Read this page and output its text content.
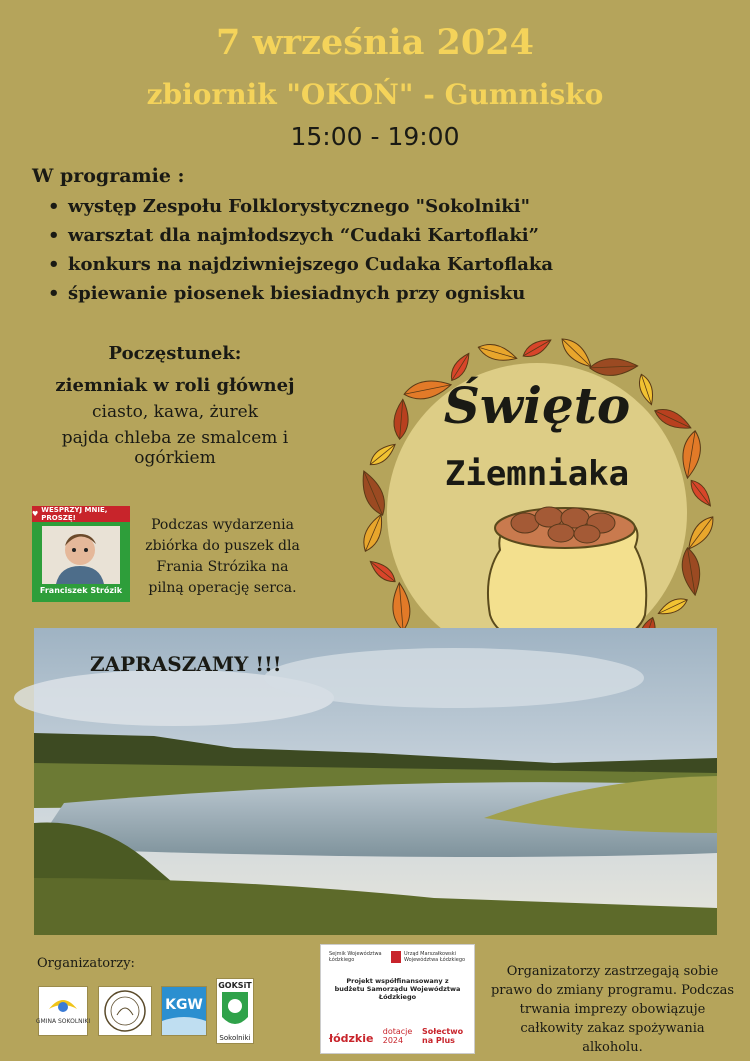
7 września 2024
zbiornik "OKOŃ" - Gumnisko
15:00 - 19:00
W programie :
• występ Zespołu Folklorystycznego "Sokolniki"
• warsztat dla najmłodszych “Cudaki Kartoflaki”
• konkurs na najdziwniejszego Cudaka Kartoflaka
• śpiewanie piosenek biesiadnych przy ognisku
Poczęstunek:
ziemniak w roli głównej
ciasto, kawa, żurek
pajda chleba ze smalcem i ogórkiem
Święto
Ziemniaka
♥ WESPRZYJ MNIE, PROSZĘ!
Franciszek Strózik
Podczas wydarzenia zbiórka do puszek dla Frania Strózika na pilną operację serca.
ZAPRASZAMY !!!
Organizatorzy:
GMINA SOKOLNIKI
KGW
GOKSiT
Sokolniki
Sejmik Województwa Łódzkiego
Urząd Marszałkowski Województwa Łódzkiego
Projekt współfinansowany z budżetu Samorządu Województwa Łódzkiego
łódzkie
dotacje 2024
Sołectwo na Plus
Organizatorzy zastrzegają sobie prawo do zmiany programu. Podczas trwania imprezy obowiązuje całkowity zakaz spożywania alkoholu.
